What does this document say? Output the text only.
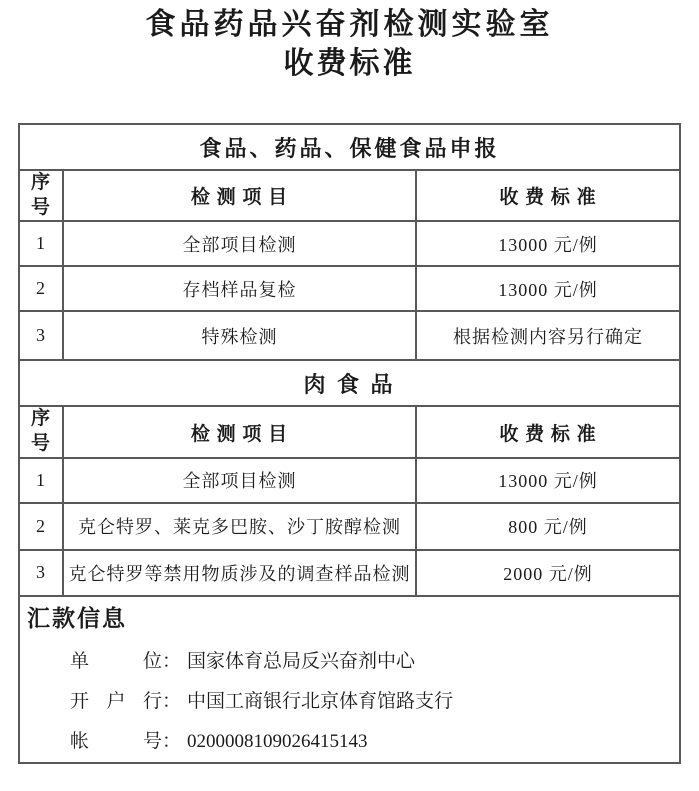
食品药品兴奋剂检测实验室
收费标准
食品、药品、保健食品申报		
序号	检 测 项 目	收 费 标 准
1	全部项目检测	13000 元/例
2	存档样品复检	13000 元/例
3	特殊检测	根据检测内容另行确定
肉 食 品		
序号	检 测 项 目	收 费 标 准
1	全部项目检测	13000 元/例
2	克仑特罗、莱克多巴胺、沙丁胺醇检测	800 元/例
3	克仑特罗等禁用物质涉及的调查样品检测	2000 元/例

汇款信息
单位： 国家体育总局反兴奋剂中心
开户行： 中国工商银行北京体育馆路支行
帐号： 0200008109026415143		
